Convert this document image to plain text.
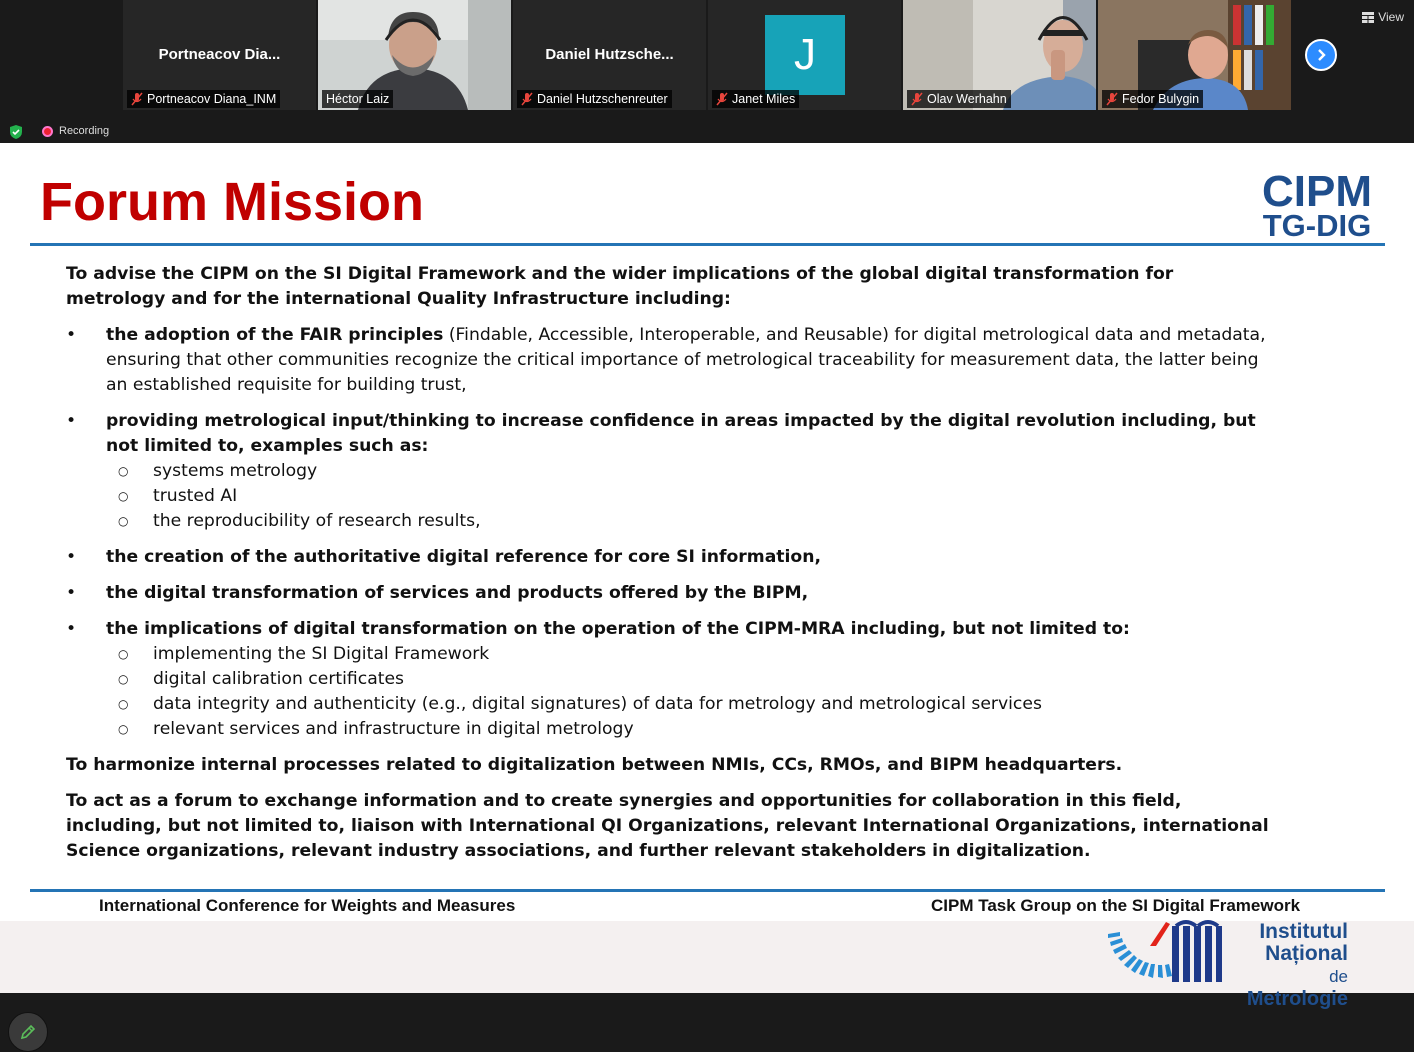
Portneacov Dia...
Portneacov Diana_INM	Héctor Laiz
Daniel Hutzsche...
Daniel Hutzschenreuter
J
Janet Miles	Olav Werhahn	Fedor Bulygin
View
Recording
Forum Mission	CIPM
TG-DIG

To advise the CIPM on the SI Digital Framework and the wider implications of the global digital transformation for metrology and for the international Quality Infrastructure including:

• the adoption of the FAIR principles (Findable, Accessible, Interoperable, and Reusable) for digital metrological data and metadata, ensuring that other communities recognize the critical importance of metrological traceability for measurement data, the latter being an established requisite for building trust,
• providing metrological input/thinking to increase confidence in areas impacted by the digital revolution including, but not limited to, examples such as:
○ systems metrology
○ trusted AI
○ the reproducibility of research results,
• the creation of the authoritative digital reference for core SI information,
• the digital transformation of services and products offered by the BIPM,
• the implications of digital transformation on the operation of the CIPM-MRA including, but not limited to:
○ implementing the SI Digital Framework
○ digital calibration certificates
○ data integrity and authenticity (e.g., digital signatures) of data for metrology and metrological services
○ relevant services and infrastructure in digital metrology

To harmonize internal processes related to digitalization between NMIs, CCs, RMOs, and BIPM headquarters.

To act as a forum to exchange information and to create synergies and opportunities for collaboration in this field, including, but not limited to, liaison with International QI Organizations, relevant International Organizations, international Science organizations, relevant industry associations, and further relevant stakeholders in digitalization.

International Conference for Weights and Measures	CIPM Task Group on the SI Digital Framework
Institutul
Național
de Metrologie
